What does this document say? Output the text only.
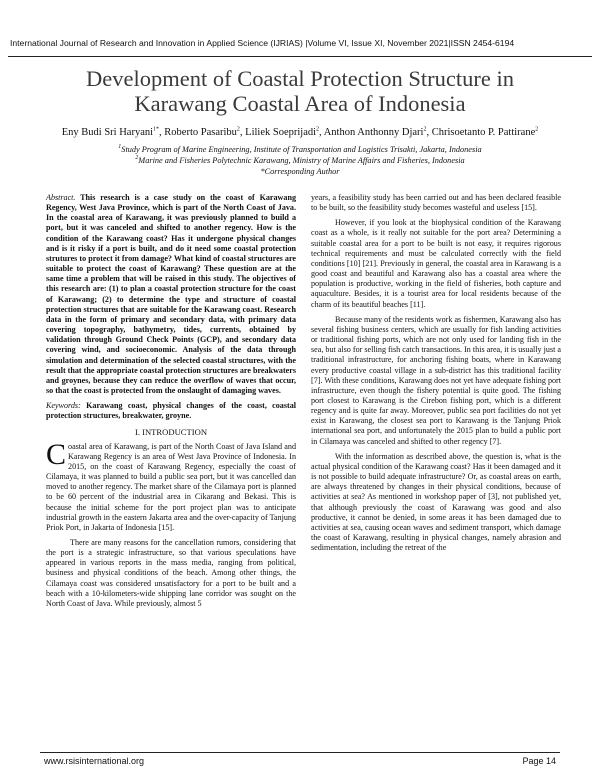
International Journal of Research and Innovation in Applied Science (IJRIAS) |Volume VI, Issue XI, November 2021|ISSN 2454-6194
Development of Coastal Protection Structure in Karawang Coastal Area of Indonesia
Eny Budi Sri Haryani$^{1*}$, Roberto Pasaribu$^2$, Liliek Soeprijadi$^2$, Anthon Anthonny Djari$^2$, Chrisoetanto P. Pattirane$^2$
$^1$Study Program of Marine Engineering, Institute of Transportation and Logistics Trisakti, Jakarta, Indonesia
$^2$Marine and Fisheries Polytechnic Karawang, Ministry of Marine Affairs and Fisheries, Indonesia
*Corresponding Author

Abstract. This research is a case study on the coast of Karawang Regency, West Java Province, which is part of the North Coast of Java. In the coastal area of Karawang, it was previously planned to build a port, but it was canceled and shifted to another regency. How is the condition of the Karawang coast? Has it undergone physical changes and is it risky if a port is built, and do it need some coastal protection strutures to protect it from damage? What kind of coastal structures are suitable to protect the coast of Karawang? These question are at the same time a problem that will be raised in this study. The objectives of this research are: (1) to plan a coastal protection structure for the coast of Karawang; (2) to determine the type and structure of coastal protection structures that are suitable for the Karawang coast. Research data in the form of primary and secondary data, with primary data covering topography, bathymetry, tides, currents, obtained by validation through Ground Check Points (GCP), and secondary data covering wind, and socioeconomic. Analysis of the data through simulation and determination of the selected coastal structures, with the result that the appropriate coastal protection structures are breakwaters and groynes, because they can reduce the overflow of waves that occur, so that the coast is protected from the onslaught of damaging waves.

Keywords: Karawang coast, physical changes of the coast, coastal protection structures, breakwater, groyne.

I. INTRODUCTION

Coastal area of Karawang, is part of the North Coast of Java Island and Karawang Regency is an area of West Java Province of Indonesia. In 2015, on the coast of Karawang Regency, especially the coast of Cilamaya, it was planned to build a public sea port, but it was cancelled dan moved to another regency. The market share of the Cilamaya port is planned to be 60 percent of the industrial area in Cikarang and Bekasi. This is because the initial scheme for the port project plan was to anticipate industrial growth in the eastern Jakarta area and the over-capacity of Tanjung Priok Port, in Jakarta of Indonesia [15].

There are many reasons for the cancellation rumors, considering that the port is a strategic infrastructure, so that various speculations have appeared in various reports in the mass media, ranging from political, business and physical conditions of the beach. Among other things, the Cilamaya coast was considered unsatisfactory for a port to be built and a beach with a 10-kilometers-wide shipping lane corridor was sought on the North Coast of Java. While previously, almost 5

years, a feasibility study has been carried out and has been declared feasible to be built, so the feasibility study becomes wasteful and useless [15].

However, if you look at the biophysical condition of the Karawang coast as a whole, is it really not suitable for the port area? Determining a suitable coastal area for a port to be built is not easy, it requires rigorous technical requirements and must be calculated correctly with the field conditions [10] [21]. Previously in general, the coastal area in Karawang is a good coast and beautiful and Karawang also has a coastal area where the population is productive, working in the field of fisheries, both capture and aquaculture. Besides, it is a tourist area for local residents because of the charm of its beautiful beaches [11].

Because many of the residents work as fishermen, Karawang also has several fishing business centers, which are usually for fish landing activities or traditional fishing ports, which are not only used for landing fish in the sea, but also for selling fish catch transactions. In this area, it is usually just a traditional infrastructure, for anchoring fishing boats, where in Karawang every productive coastal village in a sub-district has this traditional facility [7]. With these conditions, Karawang does not yet have adequate fishing port infrastructure, even though the fishery potential is quite good. The fishing port closest to Karawang is the Cirebon fishing port, which is a different regency and is quite far away. Moreover, public sea port facilities do not yet exist in Karawang, the closest sea port to Karawang is the Tanjung Priok international sea port, and unfortunately the 2015 plan to build a public port in Cilamaya was canceled and shifted to other regency [7].

With the information as described above, the question is, what is the actual physical condition of the Karawang coast? Has it been damaged and it is not possible to build adequate infrastructure? Or, as coastal areas on earth, are always threatened by changes in their physical conditions, because of activities at sea? As mentioned in workshop paper of [3], not published yet, that although previously the coast of Karawang was good and also productive, it cannot be denied, in some areas it has been damaged due to activities at sea, causing ocean waves and sediment transport, which damage the coast of Karawang, resulting in physical changes, namely abrasion and sedimentation, including the retreat of the

www.rsisinternational.org	Page 14
